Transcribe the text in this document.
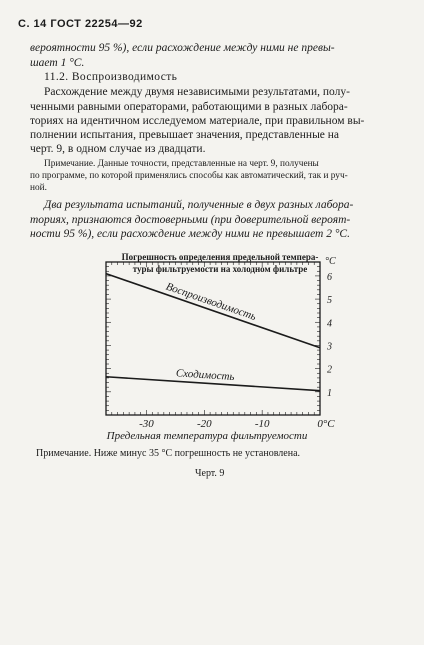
С. 14 ГОСТ 22254—92
вероятности 95 %), если расхождение между ними не превы-
шает 1 °С.
11.2. Воспроизводимость
Расхождение между двумя независимыми результатами, полу-
ченными равными операторами, работающими в разных лабора-
ториях на идентичном исследуемом материале, при правильном вы-
полнении испытания, превышает значения, представленные на
черт. 9, в одном случае из двадцати.
Примечание. Данные точности, представленные на черт. 9, получены
по программе, по которой применялись способы как автоматический, так и руч-
ной.
Два результата испытаний, полученные в двух разных лабора-
ториях, признаются достоверными (при доверительной вероят-
ности 95 %), если расхождение между ними не превышает 2 °С.
Погрешность определения предельной темпера-
туры фильтруемости на холодном фильтре
-30	-20	-10	0°С
1
2
3
4
5
6
°С
Предельная температура фильтруемости
Воспроизводимость
Сходимость
Примечание. Ниже минус 35 °С погрешность не установлена.
Черт. 9
